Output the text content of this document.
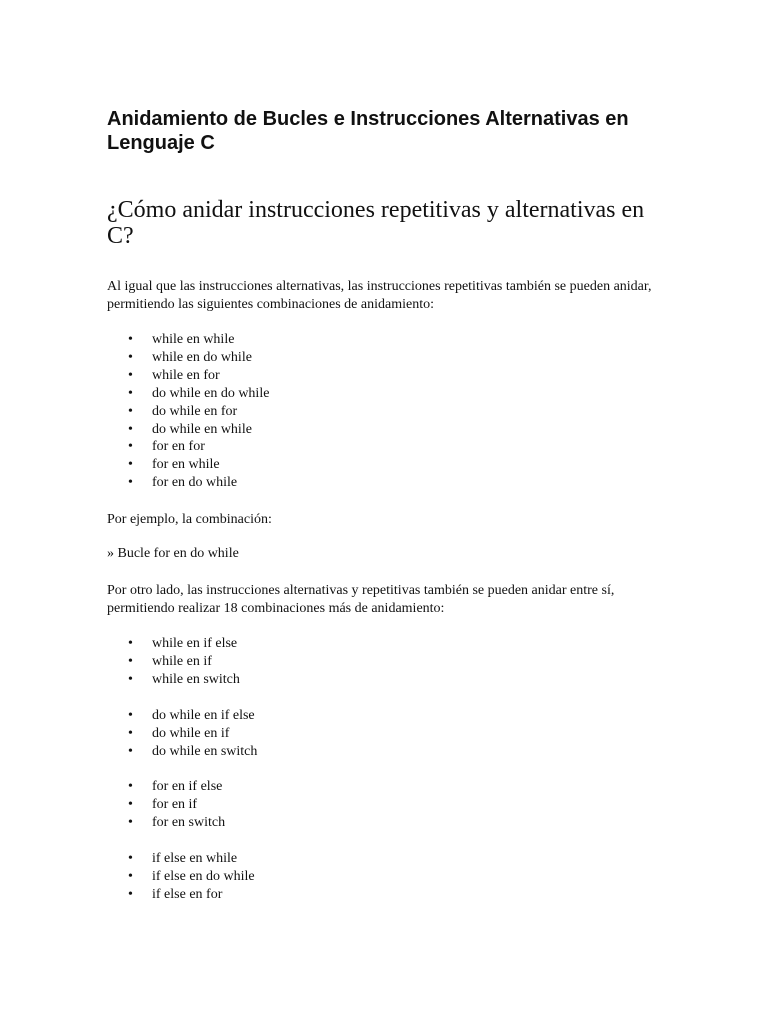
Anidamiento de Bucles e Instrucciones Alternativas en Lenguaje C
¿Cómo anidar instrucciones repetitivas y alternativas en C?

Al igual que las instrucciones alternativas, las instrucciones repetitivas también se pueden anidar, permitiendo las siguientes combinaciones de anidamiento:

• while en while
• while en do while
• while en for
• do while en do while
• do while en for
• do while en while
• for en for
• for en while
• for en do while

Por ejemplo, la combinación:

» Bucle for en do while

Por otro lado, las instrucciones alternativas y repetitivas también se pueden anidar entre sí, permitiendo realizar 18 combinaciones más de anidamiento:

• while en if else
• while en if
• while en switch
• do while en if else
• do while en if
• do while en switch
• for en if else
• for en if
• for en switch
• if else en while
• if else en do while
• if else en for
